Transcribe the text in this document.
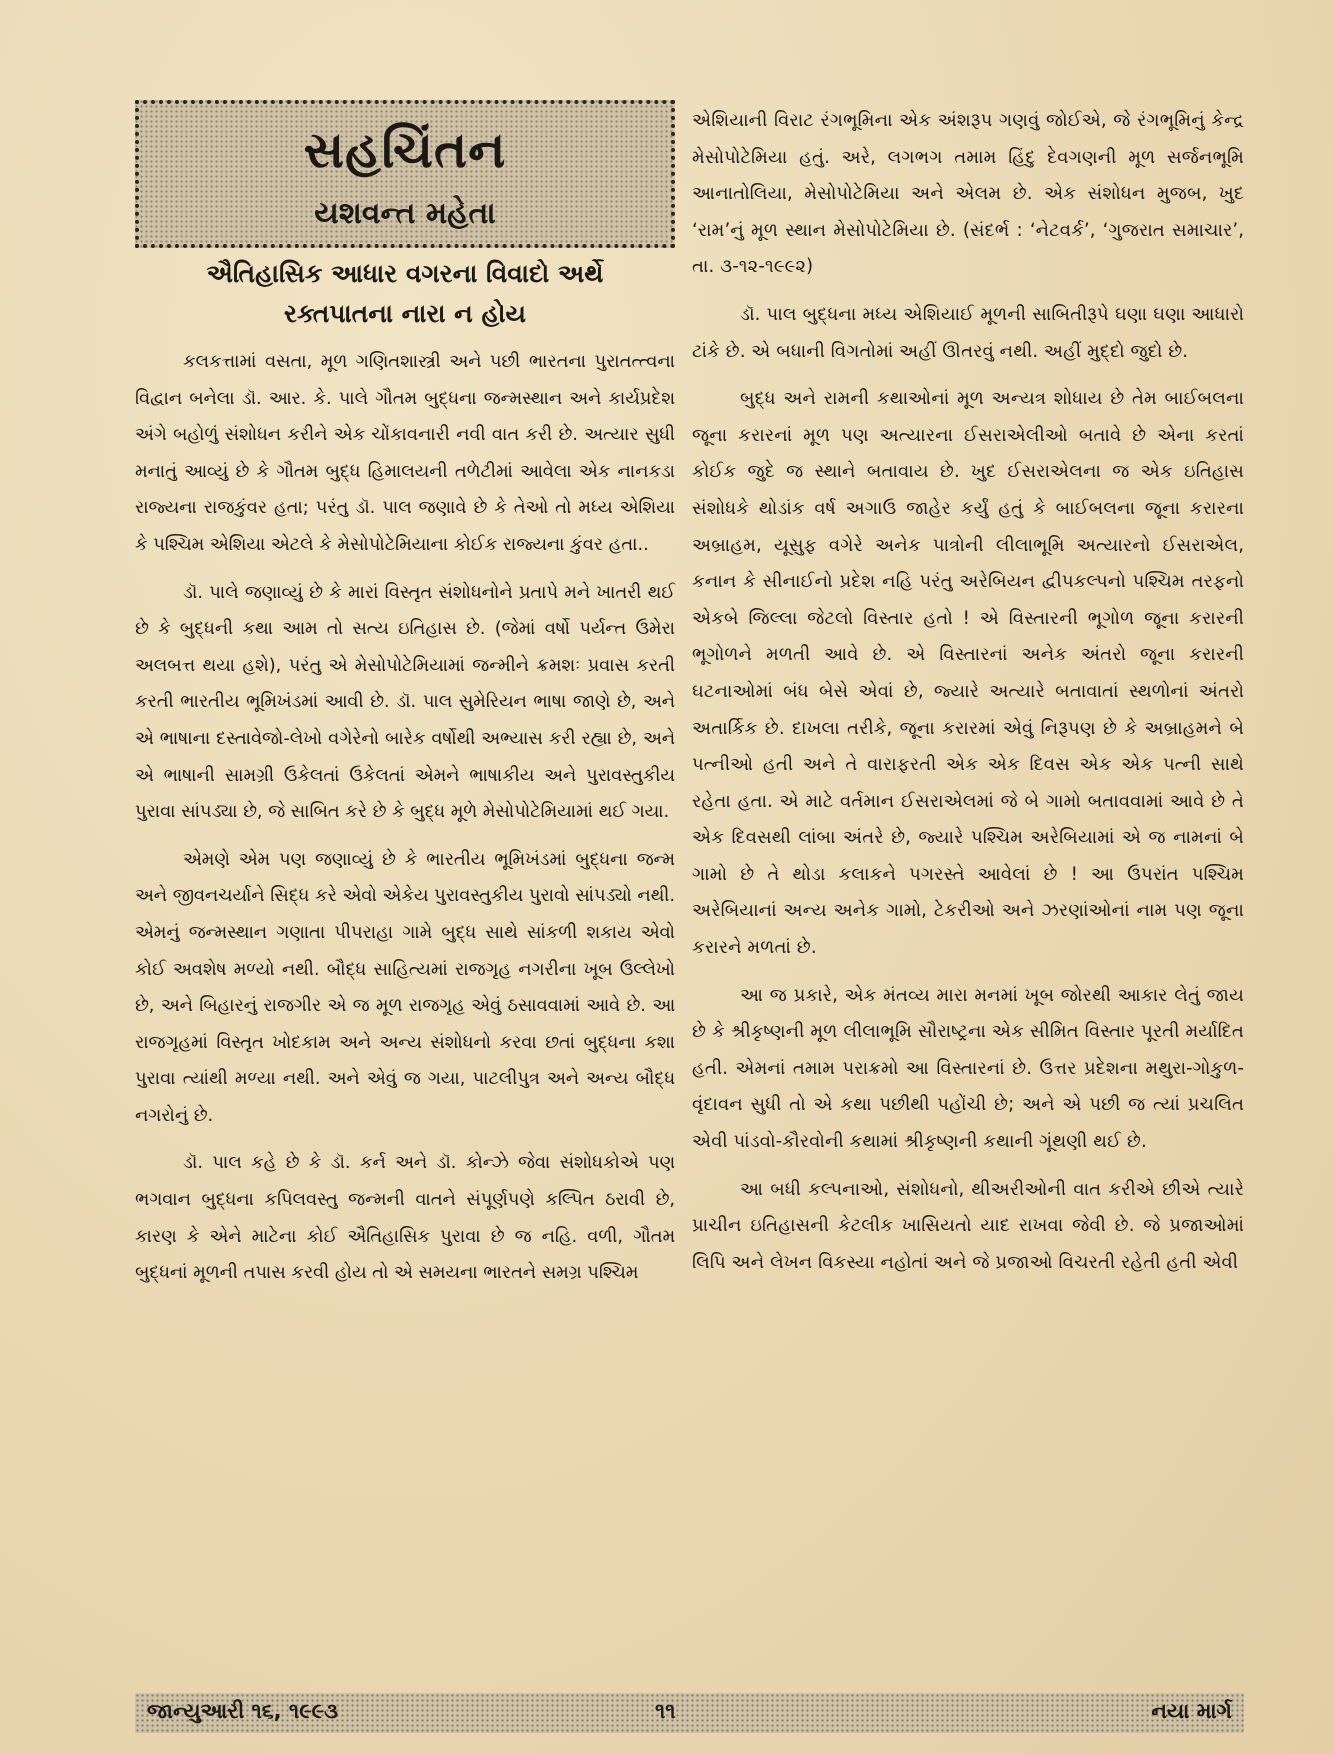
સહચિંતન
યશવન્ત મહેતા
ઐતિહાસિક આધાર વગરના વિવાદો અર્થે
રક્તપાતના નારા ન હોય

કલકત્તામાં વસતા, મૂળ ગણિતશાસ્ત્રી અને પછી ભારતના પુરાતત્ત્વના વિદ્વાન બનેલા ડૉ. આર. કે. પાલે ગૌતમ બુદ્ધના જન્મસ્થાન અને કાર્યપ્રદેશ અંગે બહોળું સંશોધન કરીને એક ચોંકાવનારી નવી વાત કરી છે. અત્યાર સુધી મનાતું આવ્યું છે કે ગૌતમ બુદ્ધ હિમાલયની તળેટીમાં આવેલા એક નાનકડા રાજ્યના રાજકુંવર હતા; પરંતુ ડૉ. પાલ જણાવે છે કે તેઓ તો મધ્ય એશિયા કે પશ્ચિમ એશિયા એટલે કે મેસોપોટેમિયાના કોઈક રાજ્યના કુંવર હતા..

ડૉ. પાલે જણાવ્યું છે કે મારાં વિસ્તૃત સંશોધનોને પ્રતાપે મને ખાતરી થઈ છે કે બુદ્ધની કથા આમ તો સત્ય ઇતિહાસ છે. (જેમાં વર્ષો પર્યન્ત ઉમેરા અલબત્ત થયા હશે), પરંતુ એ મેસોપોટેમિયામાં જન્મીને ક્રમશઃ પ્રવાસ કરતી કરતી ભારતીય ભૂમિખંડમાં આવી છે. ડૉ. પાલ સુમેરિયન ભાષા જાણે છે, અને એ ભાષાના દસ્તાવેજો-લેખો વગેરેનો બારેક વર્ષોથી અભ્યાસ કરી રહ્યા છે, અને એ ભાષાની સામગ્રી ઉકેલતાં ઉકેલતાં એમને ભાષાકીય અને પુરાવસ્તુકીય પુરાવા સાંપડ્યા છે, જે સાબિત કરે છે કે બુદ્ધ મૂળે મેસોપોટેમિયામાં થઈ ગયા.

એમણે એમ પણ જણાવ્યું છે કે ભારતીય ભૂમિખંડમાં બુદ્ધના જન્મ અને જીવનચર્યાને સિદ્ધ કરે એવો એકેય પુરાવસ્તુકીય પુરાવો સાંપડ્યો નથી. એમનું જન્મસ્થાન ગણાતા પીપરાહા ગામે બુદ્ધ સાથે સાંકળી શકાય એવો કોઈ અવશેષ મળ્યો નથી. બૌદ્ધ સાહિત્યમાં રાજગૃહ નગરીના ખૂબ ઉલ્લેખો છે, અને બિહારનું રાજગીર એ જ મૂળ રાજગૃહ એવું ઠસાવવામાં આવે છે. આ રાજગૃહમાં વિસ્તૃત ખોદકામ અને અન્ય સંશોધનો કરવા છતાં બુદ્ધના કશા પુરાવા ત્યાંથી મળ્યા નથી. અને એવું જ ગયા, પાટલીપુત્ર અને અન્ય બૌદ્ધ નગરોનું છે.

ડૉ. પાલ કહે છે કે ડૉ. કર્ન અને ડૉ. કોન્ઝે જેવા સંશોધકોએ પણ ભગવાન બુદ્ધના કપિલવસ્તુ જન્મની વાતને સંપૂર્ણપણે કલ્પિત ઠરાવી છે, કારણ કે એને માટેના કોઈ ઐતિહાસિક પુરાવા છે જ નહિ. વળી, ગૌતમ બુદ્ધનાં મૂળની તપાસ કરવી હોય તો એ સમયના ભારતને સમગ્ર પશ્ચિમ

એશિયાની વિરાટ રંગભૂમિના એક અંશરૂપ ગણવું જોઈએ, જે રંગભૂમિનું કેન્દ્ર મેસોપોટેમિયા હતું. અરે, લગભગ તમામ હિંદુ દેવગણની મૂળ સર્જનભૂમિ આનાતોલિયા, મેસોપોટેમિયા અને એલમ છે. એક સંશોધન મુજબ, ખુદ ‘રામ’નું મૂળ સ્થાન મેસોપોટેમિયા છે. (સંદર્ભ : ‘નેટવર્ક’, ‘ગુજરાત સમાચાર’, તા. ૩-૧૨-૧૯૯૨)

ડૉ. પાલ બુદ્ધના મધ્ય એશિયાઈ મૂળની સાબિતીરૂપે ઘણા ઘણા આધારો ટાંકે છે. એ બધાની વિગતોમાં અહીં ઊતરવું નથી. અહીં મુદ્દો જુદો છે.

બુદ્ધ અને રામની કથાઓનાં મૂળ અન્યત્ર શોધાય છે તેમ બાઈબલના જૂના કરારનાં મૂળ પણ અત્યારના ઈસરાએલીઓ બતાવે છે એના કરતાં કોઈક જુદે જ સ્થાને બતાવાય છે. ખુદ ઈસરાએલના જ એક ઇતિહાસ સંશોધકે થોડાંક વર્ષ અગાઉ જાહેર કર્યું હતું કે બાઈબલના જૂના કરારના અબ્રાહમ, યૂસુફ વગેરે અનેક પાત્રોની લીલાભૂમિ અત્યારનો ઈસરાએલ, કનાન કે સીનાઈનો પ્રદેશ નહિ પરંતુ અરેબિયન દ્વીપકલ્પનો પશ્ચિમ તરફનો એકબે જિલ્લા જેટલો વિસ્તાર હતો ! એ વિસ્તારની ભૂગોળ જૂના કરારની ભૂગોળને મળતી આવે છે. એ વિસ્તારનાં અનેક અંતરો જૂના કરારની ઘટનાઓમાં બંધ બેસે એવાં છે, જ્યારે અત્યારે બતાવાતાં સ્થળોનાં અંતરો અતાર્કિક છે. દાખલા તરીકે, જૂના કરારમાં એવું નિરૂપણ છે કે અબ્રાહમને બે પત્નીઓ હતી અને તે વારાફરતી એક એક દિવસ એક એક પત્ની સાથે રહેતા હતા. એ માટે વર્તમાન ઈસરાએલમાં જે બે ગામો બતાવવામાં આવે છે તે એક દિવસથી લાંબા અંતરે છે, જ્યારે પશ્ચિમ અરેબિયામાં એ જ નામનાં બે ગામો છે તે થોડા કલાકને પગરસ્તે આવેલાં છે ! આ ઉપરાંત પશ્ચિમ અરેબિયાનાં અન્ય અનેક ગામો, ટેકરીઓ અને ઝરણાંઓનાં નામ પણ જૂના કરારને મળતાં છે.

આ જ પ્રકારે, એક મંતવ્ય મારા મનમાં ખૂબ જોરથી આકાર લેતું જાય છે કે શ્રીકૃષ્ણની મૂળ લીલાભૂમિ સૌરાષ્ટ્રના એક સીમિત વિસ્તાર પૂરતી મર્યાદિત હતી. એમનાં તમામ પરાક્રમો આ વિસ્તારનાં છે. ઉત્તર પ્રદેશના મથુરા-ગોકુળ-વૃંદાવન સુધી તો એ કથા પછીથી પહોંચી છે; અને એ પછી જ ત્યાં પ્રચલિત એવી પાંડવો-કૌરવોની કથામાં શ્રીકૃષ્ણની કથાની ગૂંથણી થઈ છે.

આ બધી કલ્પનાઓ, સંશોધનો, થીઅરીઓની વાત કરીએ છીએ ત્યારે પ્રાચીન ઇતિહાસની કેટલીક ખાસિયતો યાદ રાખવા જેવી છે. જે પ્રજાઓમાં લિપિ અને લેખન વિકસ્યા નહોતાં અને જે પ્રજાઓ વિચરતી રહેતી હતી એવી

જાન્યુઆરી ૧૬, ૧૯૯૩	૧૧	નયા માર્ગ
